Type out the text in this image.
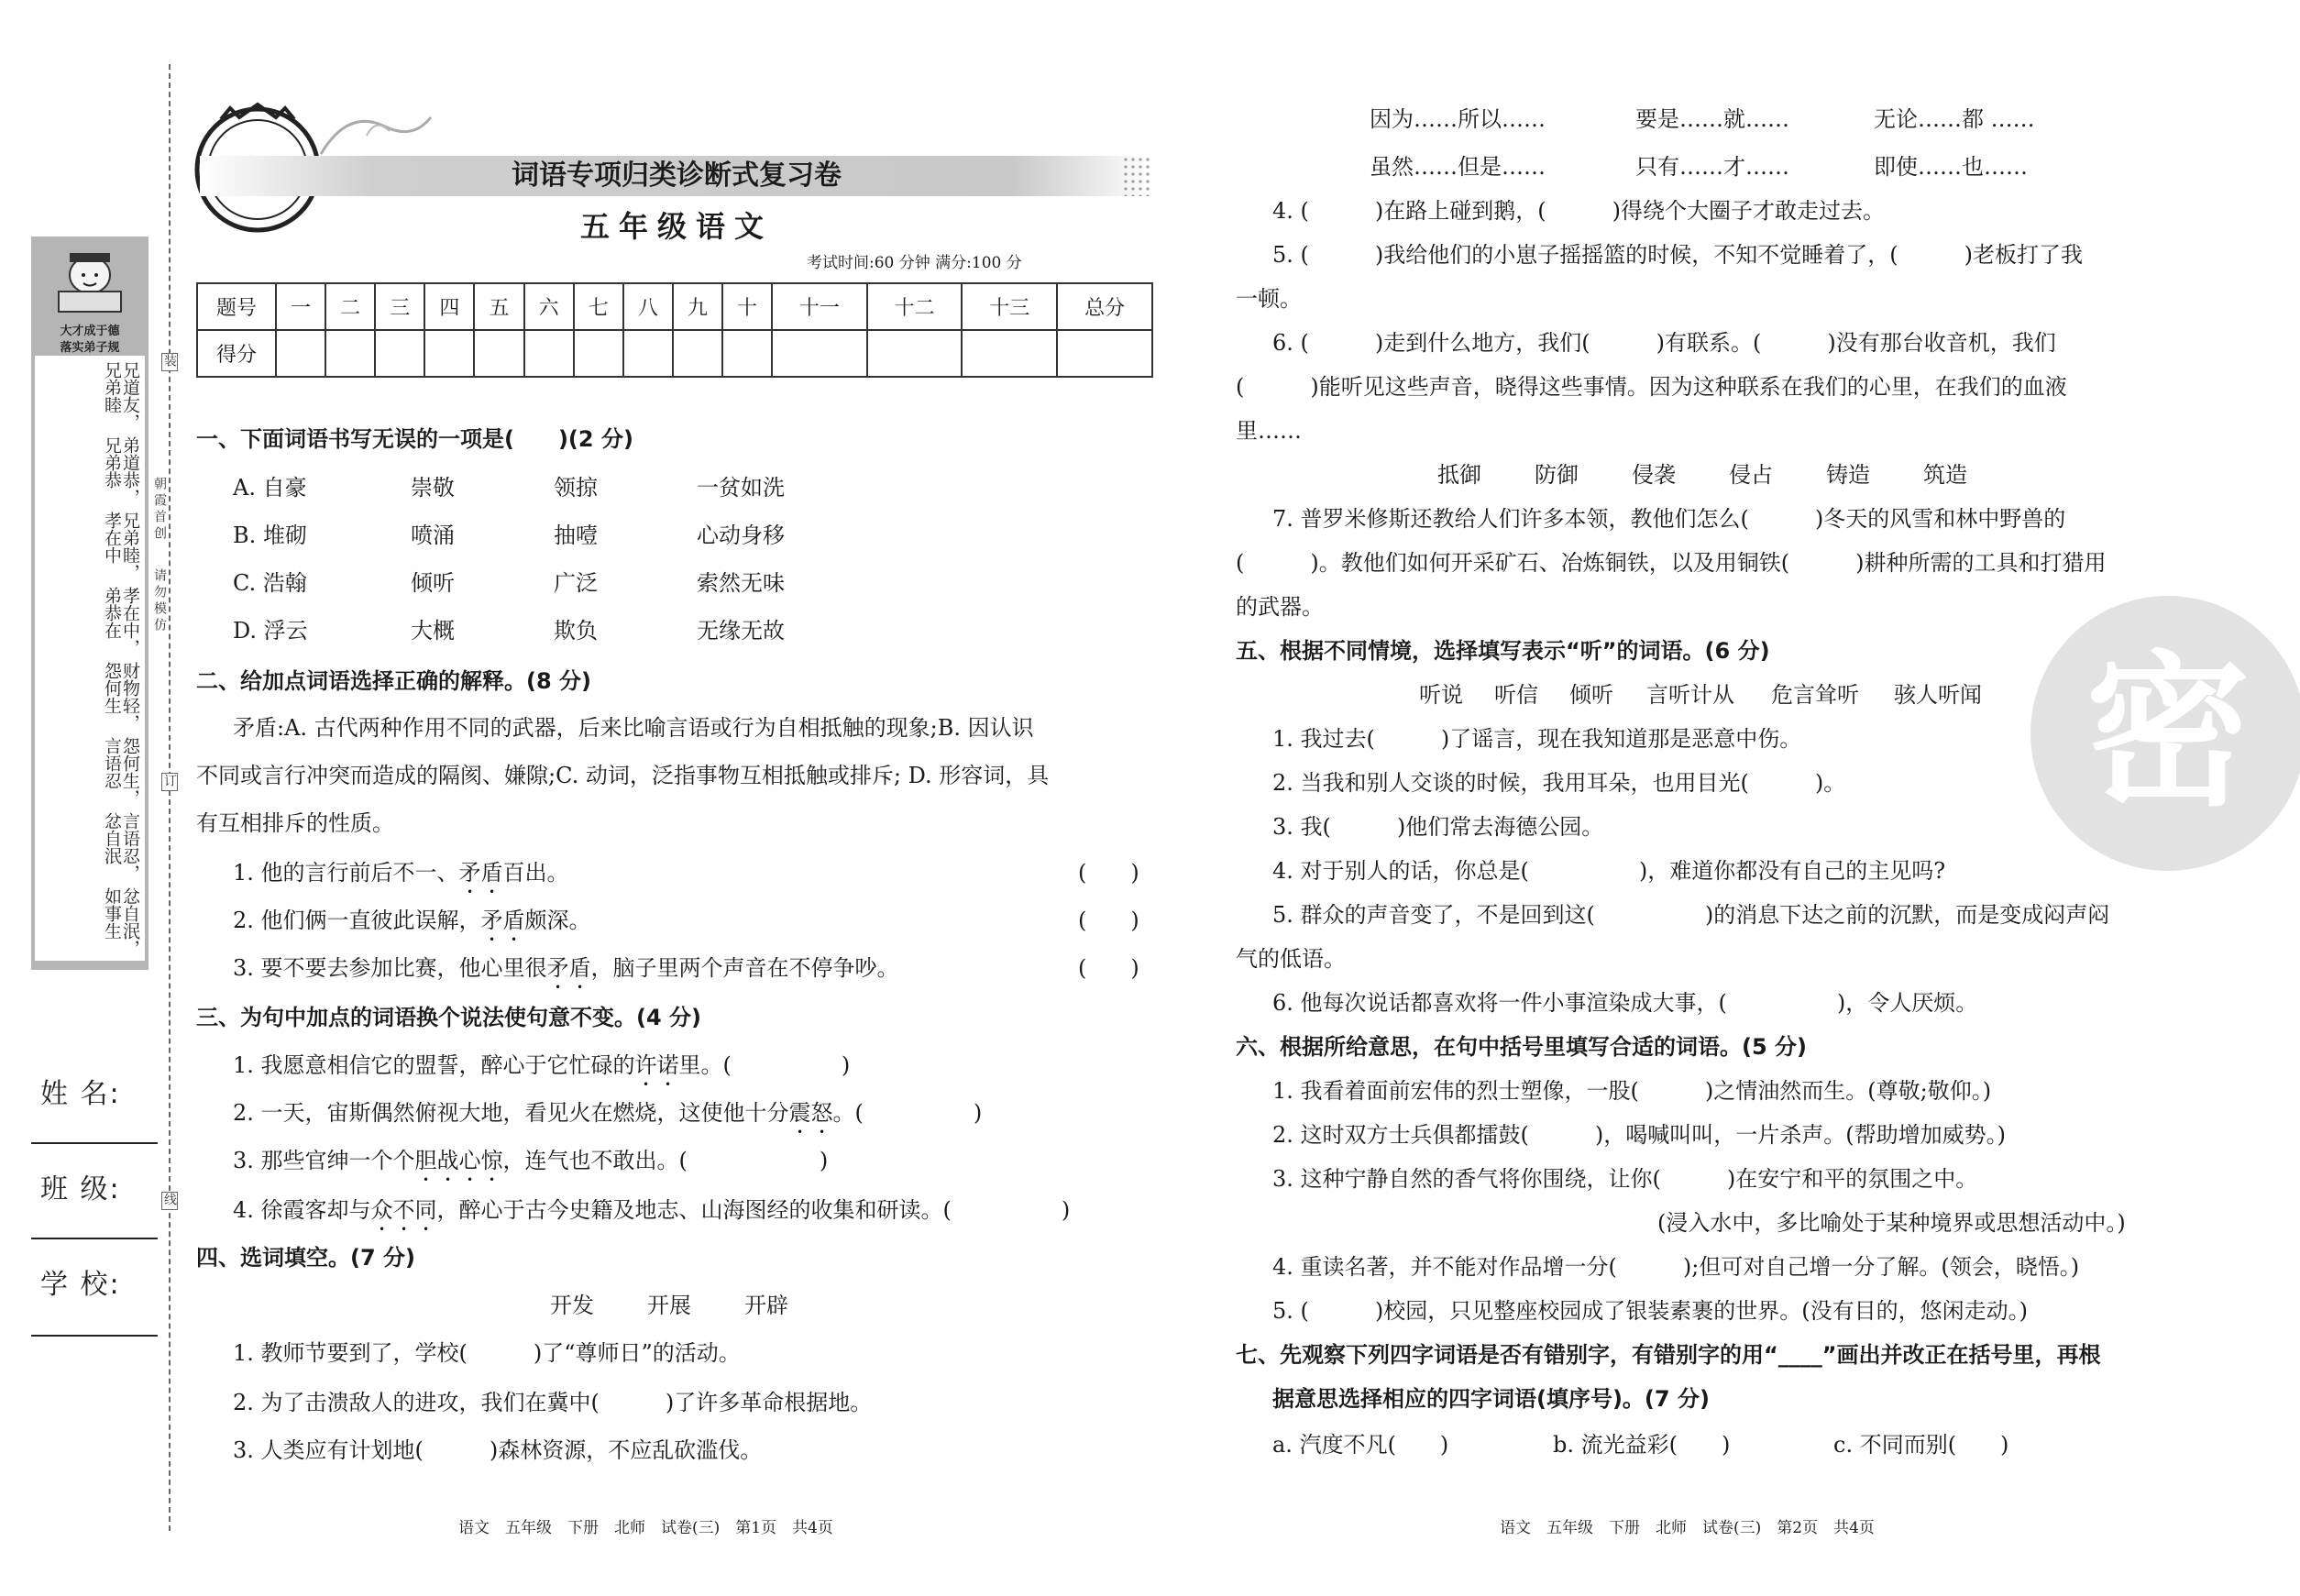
大才成于德
落实弟子规
兄道友，兄弟睦
弟道恭，兄弟恭
兄弟睦，孝在中
孝在中，弟恭在
财物轻，怨何生
怨何生，言语忍
言语忍，忿自泯
忿自泯，如事生
朝霞首创
请勿模仿
装
订
线
姓 名:
班 级:
学 校:
词语专项归类诊断式复习卷
五年级语文
考试时间:60 分钟 满分:100 分
题号	一	二	三	四	五	六	七	八	九	十	十一	十二	十三	总分
得分														
一、下面词语书写无误的一项是(　　)(2 分)
A. 自豪	崇敬	领掠	一贫如洗
B. 堆砌	喷涌	抽噎	心动身移
C. 浩翰	倾听	广泛	索然无味
D. 浮云	大概	欺负	无缘无故
二、给加点词语选择正确的解释。(8 分)
矛盾:A. 古代两种作用不同的武器，后来比喻言语或行为自相抵触的现象;B. 因认识
不同或言行冲突而造成的隔阂、嫌隙;C. 动词，泛指事物互相抵触或排斥; D. 形容词，具
有互相排斥的性质。
1. 他的言行前后不一、矛盾百出。	(　　)
2. 他们俩一直彼此误解，矛盾颇深。	(　　)
3. 要不要去参加比赛，他心里很矛盾，脑子里两个声音在不停争吵。	(　　)
三、为句中加点的词语换个说法使句意不变。(4 分)
1. 我愿意相信它的盟誓，醉心于它忙碌的许诺里。(　　　　　)
2. 一天，宙斯偶然俯视大地，看见火在燃烧，这使他十分震怒。(　　　　　)
3. 那些官绅一个个胆战心惊，连气也不敢出。(　　　　　　)
4. 徐霞客却与众不同，醉心于古今史籍及地志、山海图经的收集和研读。(　　　　　)
四、选词填空。(7 分)
开发 开展 开辟
1. 教师节要到了，学校(　　　)了“尊师日”的活动。
2. 为了击溃敌人的进攻，我们在冀中(　　　)了许多革命根据地。
3. 人类应有计划地(　　　)森林资源，不应乱砍滥伐。
语文　五年级　下册　北师　试卷(三)　第1页　共4页
密
因为……所以……	要是……就……	无论……都 ……
虽然……但是……	只有……才……	即使……也……
4. (　　　)在路上碰到鹅，(　　　)得绕个大圈子才敢走过去。
5. (　　　)我给他们的小崽子摇摇篮的时候，不知不觉睡着了，(　　　)老板打了我
一顿。
6. (　　　)走到什么地方，我们(　　　)有联系。(　　　)没有那台收音机，我们
(　　　)能听见这些声音，晓得这些事情。因为这种联系在我们的心里，在我们的血液
里……
抵御 防御 侵袭 侵占 铸造 筑造
7. 普罗米修斯还教给人们许多本领，教他们怎么(　　　)冬天的风雪和林中野兽的
(　　　)。教他们如何开采矿石、冶炼铜铁，以及用铜铁(　　　)耕种所需的工具和打猎用
的武器。
五、根据不同情境，选择填写表示“听”的词语。(6 分)
听说 听信 倾听 言听计从 危言耸听 骇人听闻
1. 我过去(　　　)了谣言，现在我知道那是恶意中伤。
2. 当我和别人交谈的时候，我用耳朵，也用目光(　　　)。
3. 我(　　　)他们常去海德公园。
4. 对于别人的话，你总是(　　　　　)，难道你都没有自己的主见吗?
5. 群众的声音变了，不是回到这(　　　　　)的消息下达之前的沉默，而是变成闷声闷
气的低语。
6. 他每次说话都喜欢将一件小事渲染成大事，(　　　　　)，令人厌烦。
六、根据所给意思，在句中括号里填写合适的词语。(5 分)
1. 我看着面前宏伟的烈士塑像，一股(　　　)之情油然而生。(尊敬;敬仰。)
2. 这时双方士兵俱都擂鼓(　　　)，喝喊叫叫，一片杀声。(帮助增加威势。)
3. 这种宁静自然的香气将你围绕，让你(　　　)在安宁和平的氛围之中。
(浸入水中，多比喻处于某种境界或思想活动中。)
4. 重读名著，并不能对作品增一分(　　　);但可对自己增一分了解。(领会，晓悟。)
5. (　　　)校园，只见整座校园成了银装素裹的世界。(没有目的，悠闲走动。)
七、先观察下列四字词语是否有错别字，有错别字的用“____”画出并改正在括号里，再根
据意思选择相应的四字词语(填序号)。(7 分)
a. 汽度不凡(　　)	b. 流光益彩(　　)	c. 不同而别(　　)
语文　五年级　下册　北师　试卷(三)　第2页　共4页
